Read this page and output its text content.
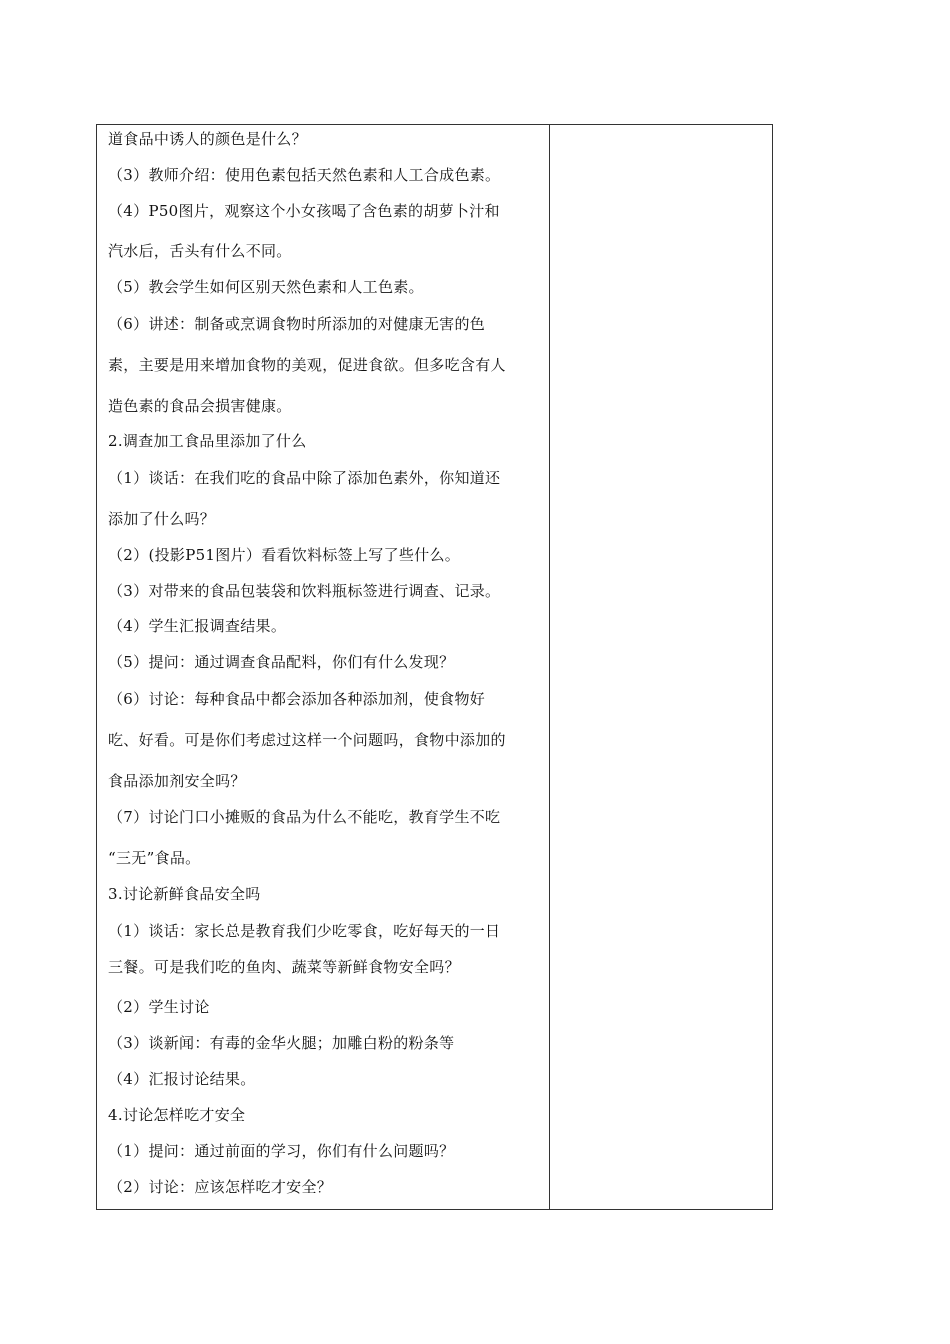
道食品中诱人的颜色是什么？
（3）教师介绍：使用色素包括天然色素和人工合成色素。
（4）P50图片，观察这个小女孩喝了含色素的胡萝卜汁和
汽水后，舌头有什么不同。
（5）教会学生如何区别天然色素和人工色素。
（6）讲述：制备或烹调食物时所添加的对健康无害的色
素，主要是用来增加食物的美观，促进食欲。但多吃含有人
造色素的食品会损害健康。
2.调查加工食品里添加了什么
（1）谈话：在我们吃的食品中除了添加色素外，你知道还
添加了什么吗？
（2）(投影P51图片）看看饮料标签上写了些什么。
（3）对带来的食品包装袋和饮料瓶标签进行调查、记录。
（4）学生汇报调查结果。
（5）提问：通过调查食品配料，你们有什么发现？
（6）讨论：每种食品中都会添加各种添加剂，使食物好
吃、好看。可是你们考虑过这样一个问题吗，食物中添加的
食品添加剂安全吗？
（7）讨论门口小摊贩的食品为什么不能吃，教育学生不吃
“三无”食品。
3.讨论新鲜食品安全吗
（1）谈话：家长总是教育我们少吃零食，吃好每天的一日
三餐。可是我们吃的鱼肉、蔬菜等新鲜食物安全吗？
（2）学生讨论
（3）谈新闻：有毒的金华火腿；加雕白粉的粉条等
（4）汇报讨论结果。
4.讨论怎样吃才安全
（1）提问：通过前面的学习，你们有什么问题吗？
（2）讨论：应该怎样吃才安全？
